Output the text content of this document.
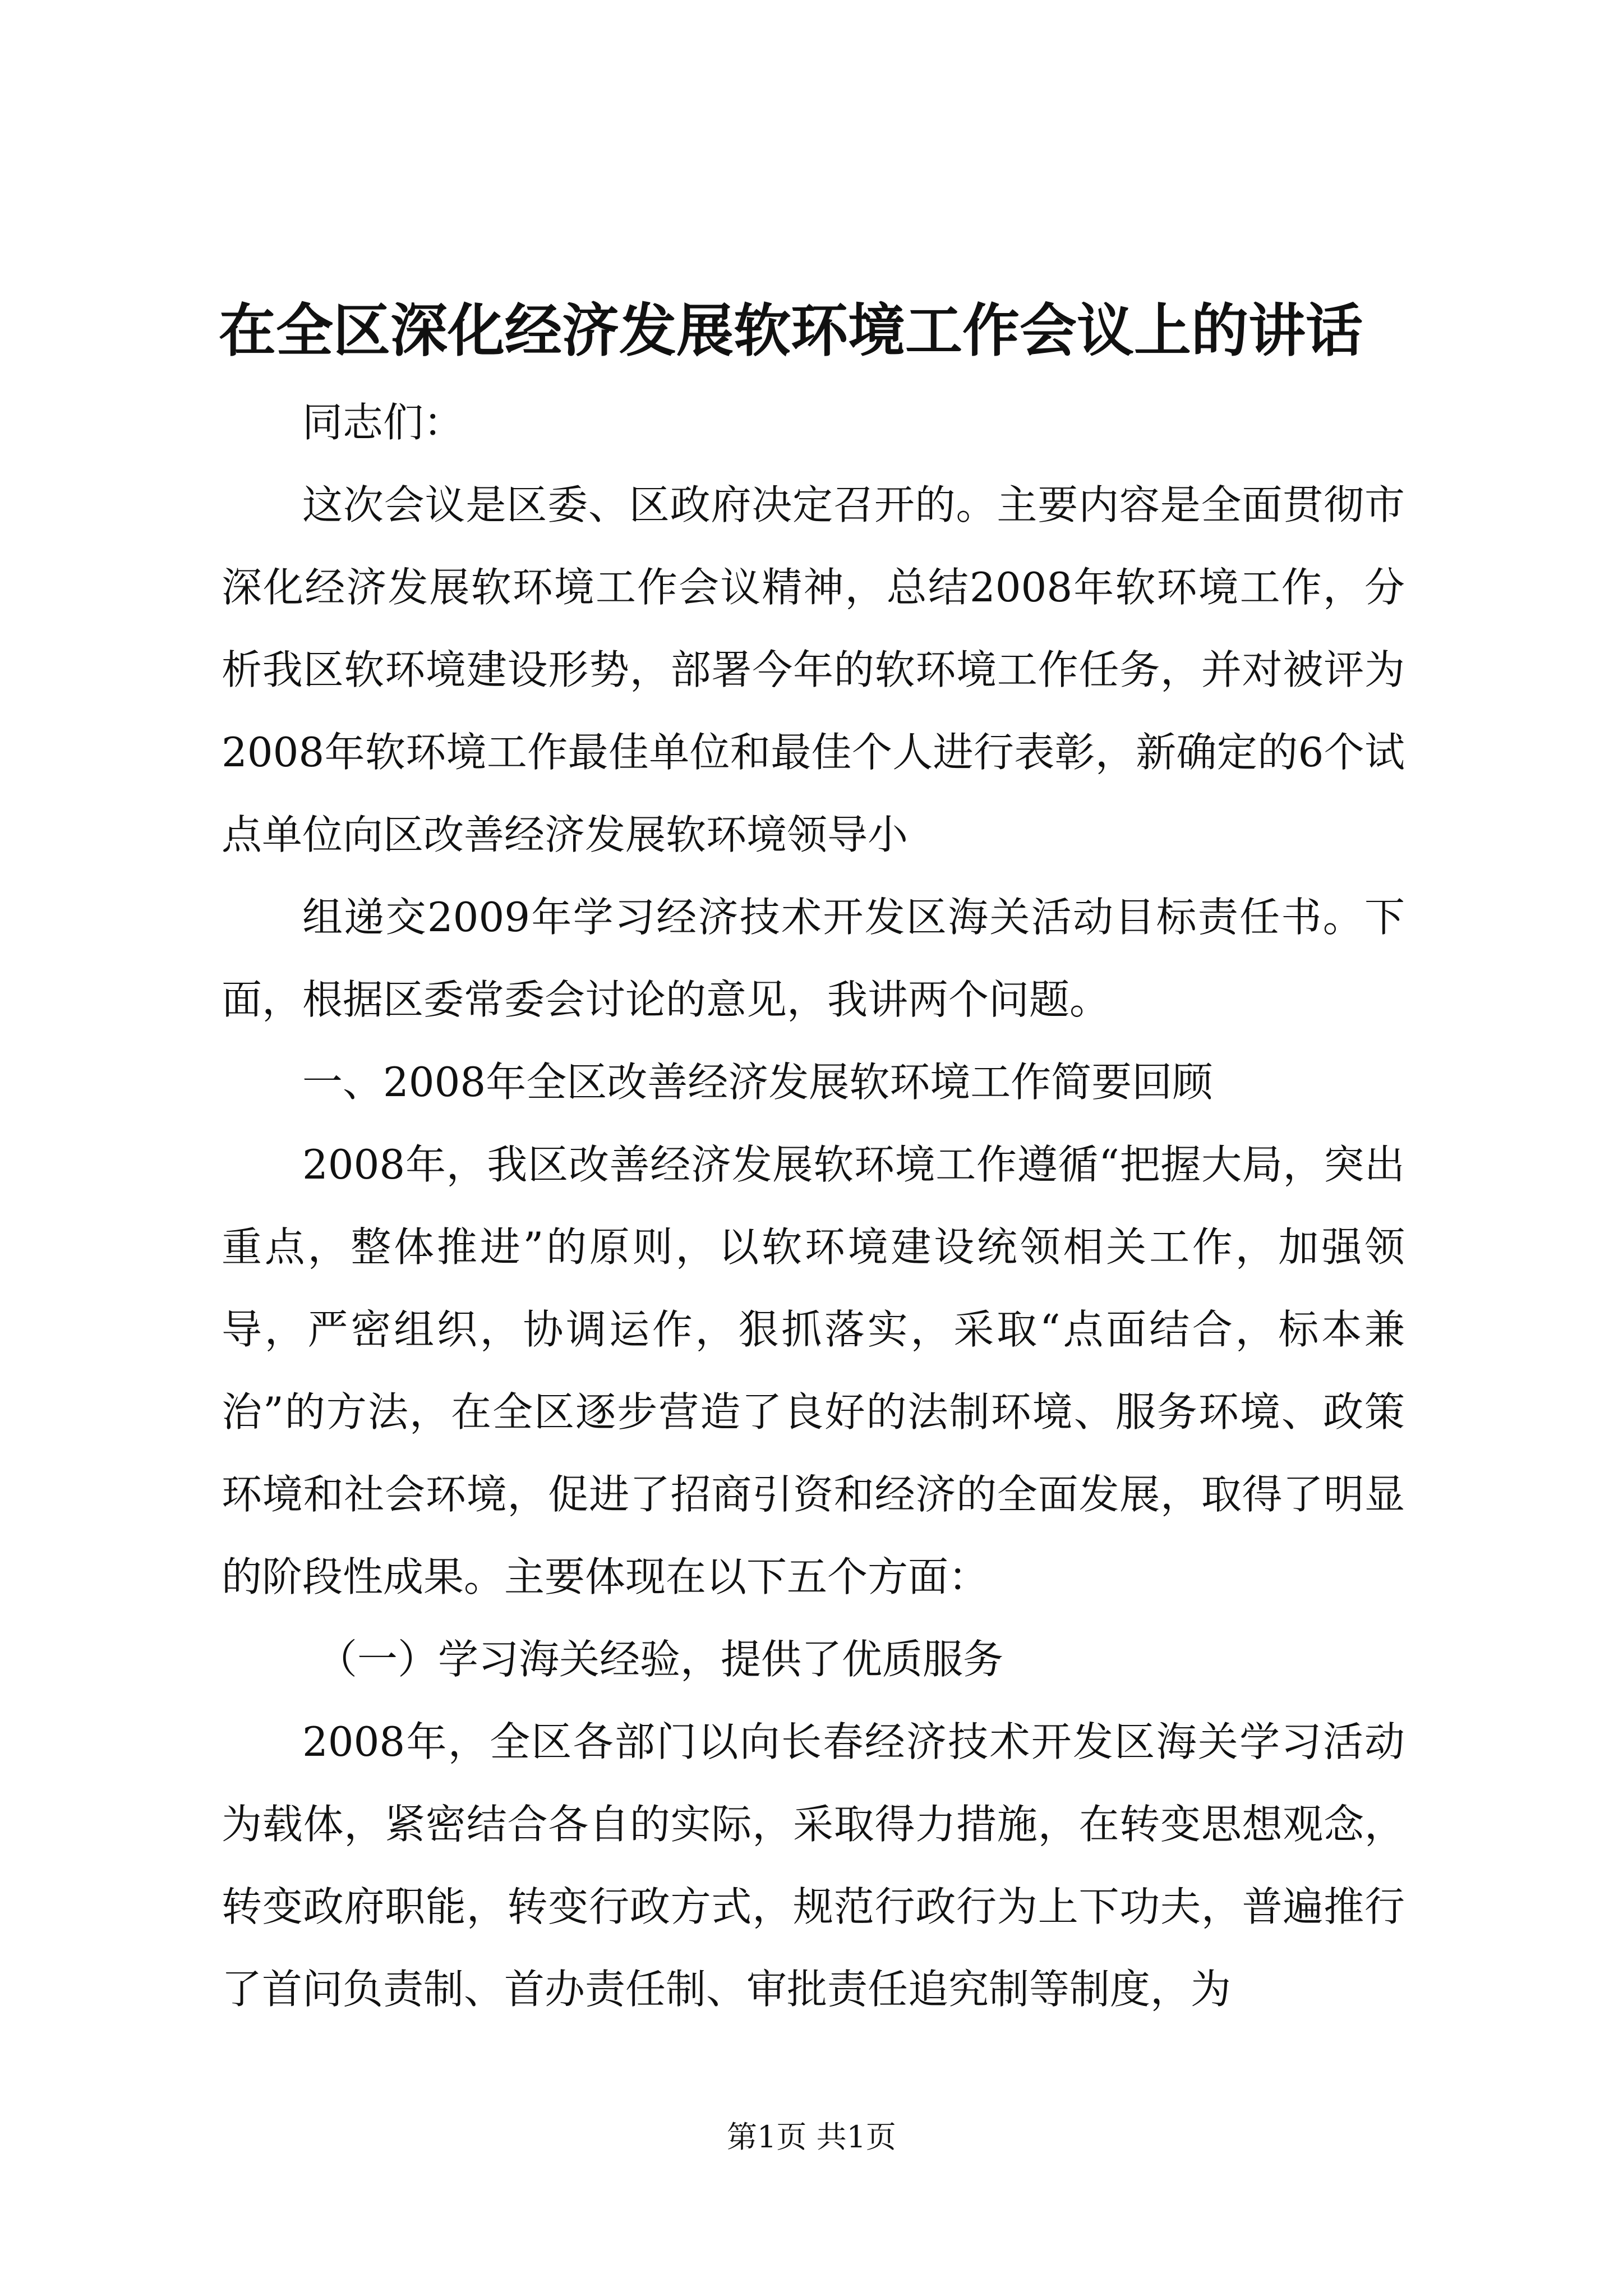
在全区深化经济发展软环境工作会议上的讲话

同志们：

这次会议是区委、区政府决定召开的。主要内容是全面贯彻市深化经济发展软环境工作会议精神，总结2008年软环境工作，分析我区软环境建设形势，部署今年的软环境工作任务，并对被评为2008年软环境工作最佳单位和最佳个人进行表彰，新确定的6个试点单位向区改善经济发展软环境领导小

组递交2009年学习经济技术开发区海关活动目标责任书。下面，根据区委常委会讨论的意见，我讲两个问题。

一、2008年全区改善经济发展软环境工作简要回顾

2008年，我区改善经济发展软环境工作遵循“把握大局，突出重点，整体推进”的原则，以软环境建设统领相关工作，加强领导，严密组织，协调运作，狠抓落实，采取“点面结合，标本兼治”的方法，在全区逐步营造了良好的法制环境、服务环境、政策环境和社会环境，促进了招商引资和经济的全面发展，取得了明显的阶段性成果。主要体现在以下五个方面：

（一）学习海关经验，提供了优质服务

2008年，全区各部门以向长春经济技术开发区海关学习活动为载体，紧密结合各自的实际，采取得力措施，在转变思想观念，转变政府职能，转变行政方式，规范行政行为上下功夫，普遍推行了首问负责制、首办责任制、审批责任追究制等制度，为

第1页 共1页
